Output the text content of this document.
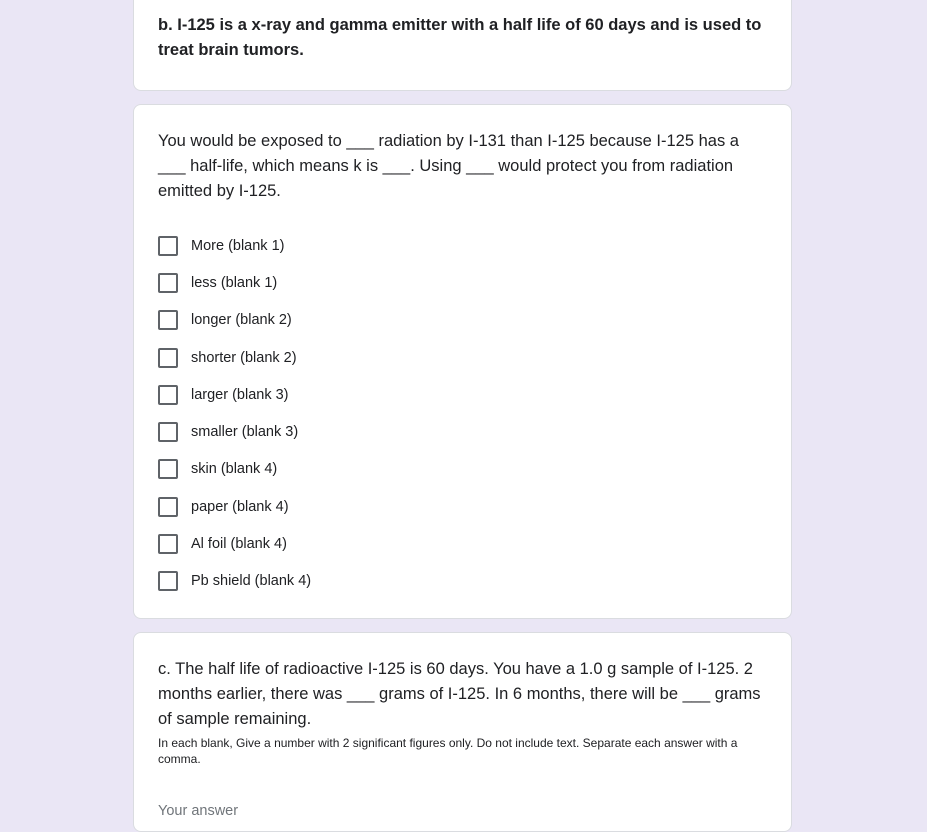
b. I-125 is a x-ray and gamma emitter with a half life of 60 days and is used to treat brain tumors.

You would be exposed to ___ radiation by I-131 than I-125 because I-125 has a ___ half-life, which means k is ___. Using ___ would protect you from radiation emitted by I-125.

More (blank 1)
less (blank 1)
longer (blank 2)
shorter (blank 2)
larger (blank 3)
smaller (blank 3)
skin (blank 4)
paper (blank 4)
Al foil (blank 4)
Pb shield (blank 4)

c. The half life of radioactive I-125 is 60 days. You have a 1.0 g sample of I-125. 2 months earlier, there was ___ grams of I-125. In 6 months, there will be ___ grams of sample remaining.

In each blank, Give a number with 2 significant figures only. Do not include text. Separate each answer with a comma.

Your answer
